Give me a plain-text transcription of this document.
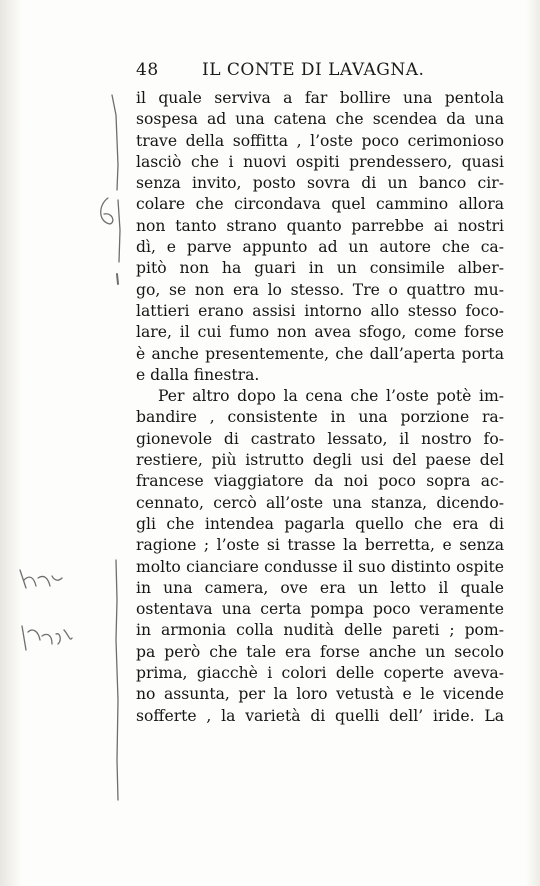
48	IL CONTE DI LAVAGNA.
il quale serviva a far bollire una pentola
sospesa ad una catena che scendea da una
trave della soffitta , l’oste poco cerimonioso
lasciò che i nuovi ospiti prendessero, quasi
senza invito, posto sovra di un banco cir-
colare che circondava quel cammino allora
non tanto strano quanto parrebbe ai nostri
dì, e parve appunto ad un autore che ca-
pitò non ha guari in un consimile alber-
go, se non era lo stesso. Tre o quattro mu-
lattieri erano assisi intorno allo stesso foco-
lare, il cui fumo non avea sfogo, come forse
è anche presentemente, che dall’aperta porta
e dalla finestra.
Per altro dopo la cena che l’oste potè im-
bandire , consistente in una porzione ra-
gionevole di castrato lessato, il nostro fo-
restiere, più istrutto degli usi del paese del
francese viaggiatore da noi poco sopra ac-
cennato, cercò all’oste una stanza, dicendo-
gli che intendea pagarla quello che era di
ragione ; l’oste si trasse la berretta, e senza
molto cianciare condusse il suo distinto ospite
in una camera, ove era un letto il quale
ostentava una certa pompa poco veramente
in armonia colla nudità delle pareti ; pom-
pa però che tale era forse anche un secolo
prima, giacchè i colori delle coperte aveva-
no assunta, per la loro vetustà e le vicende
sofferte , la varietà di quelli dell’ iride. La
